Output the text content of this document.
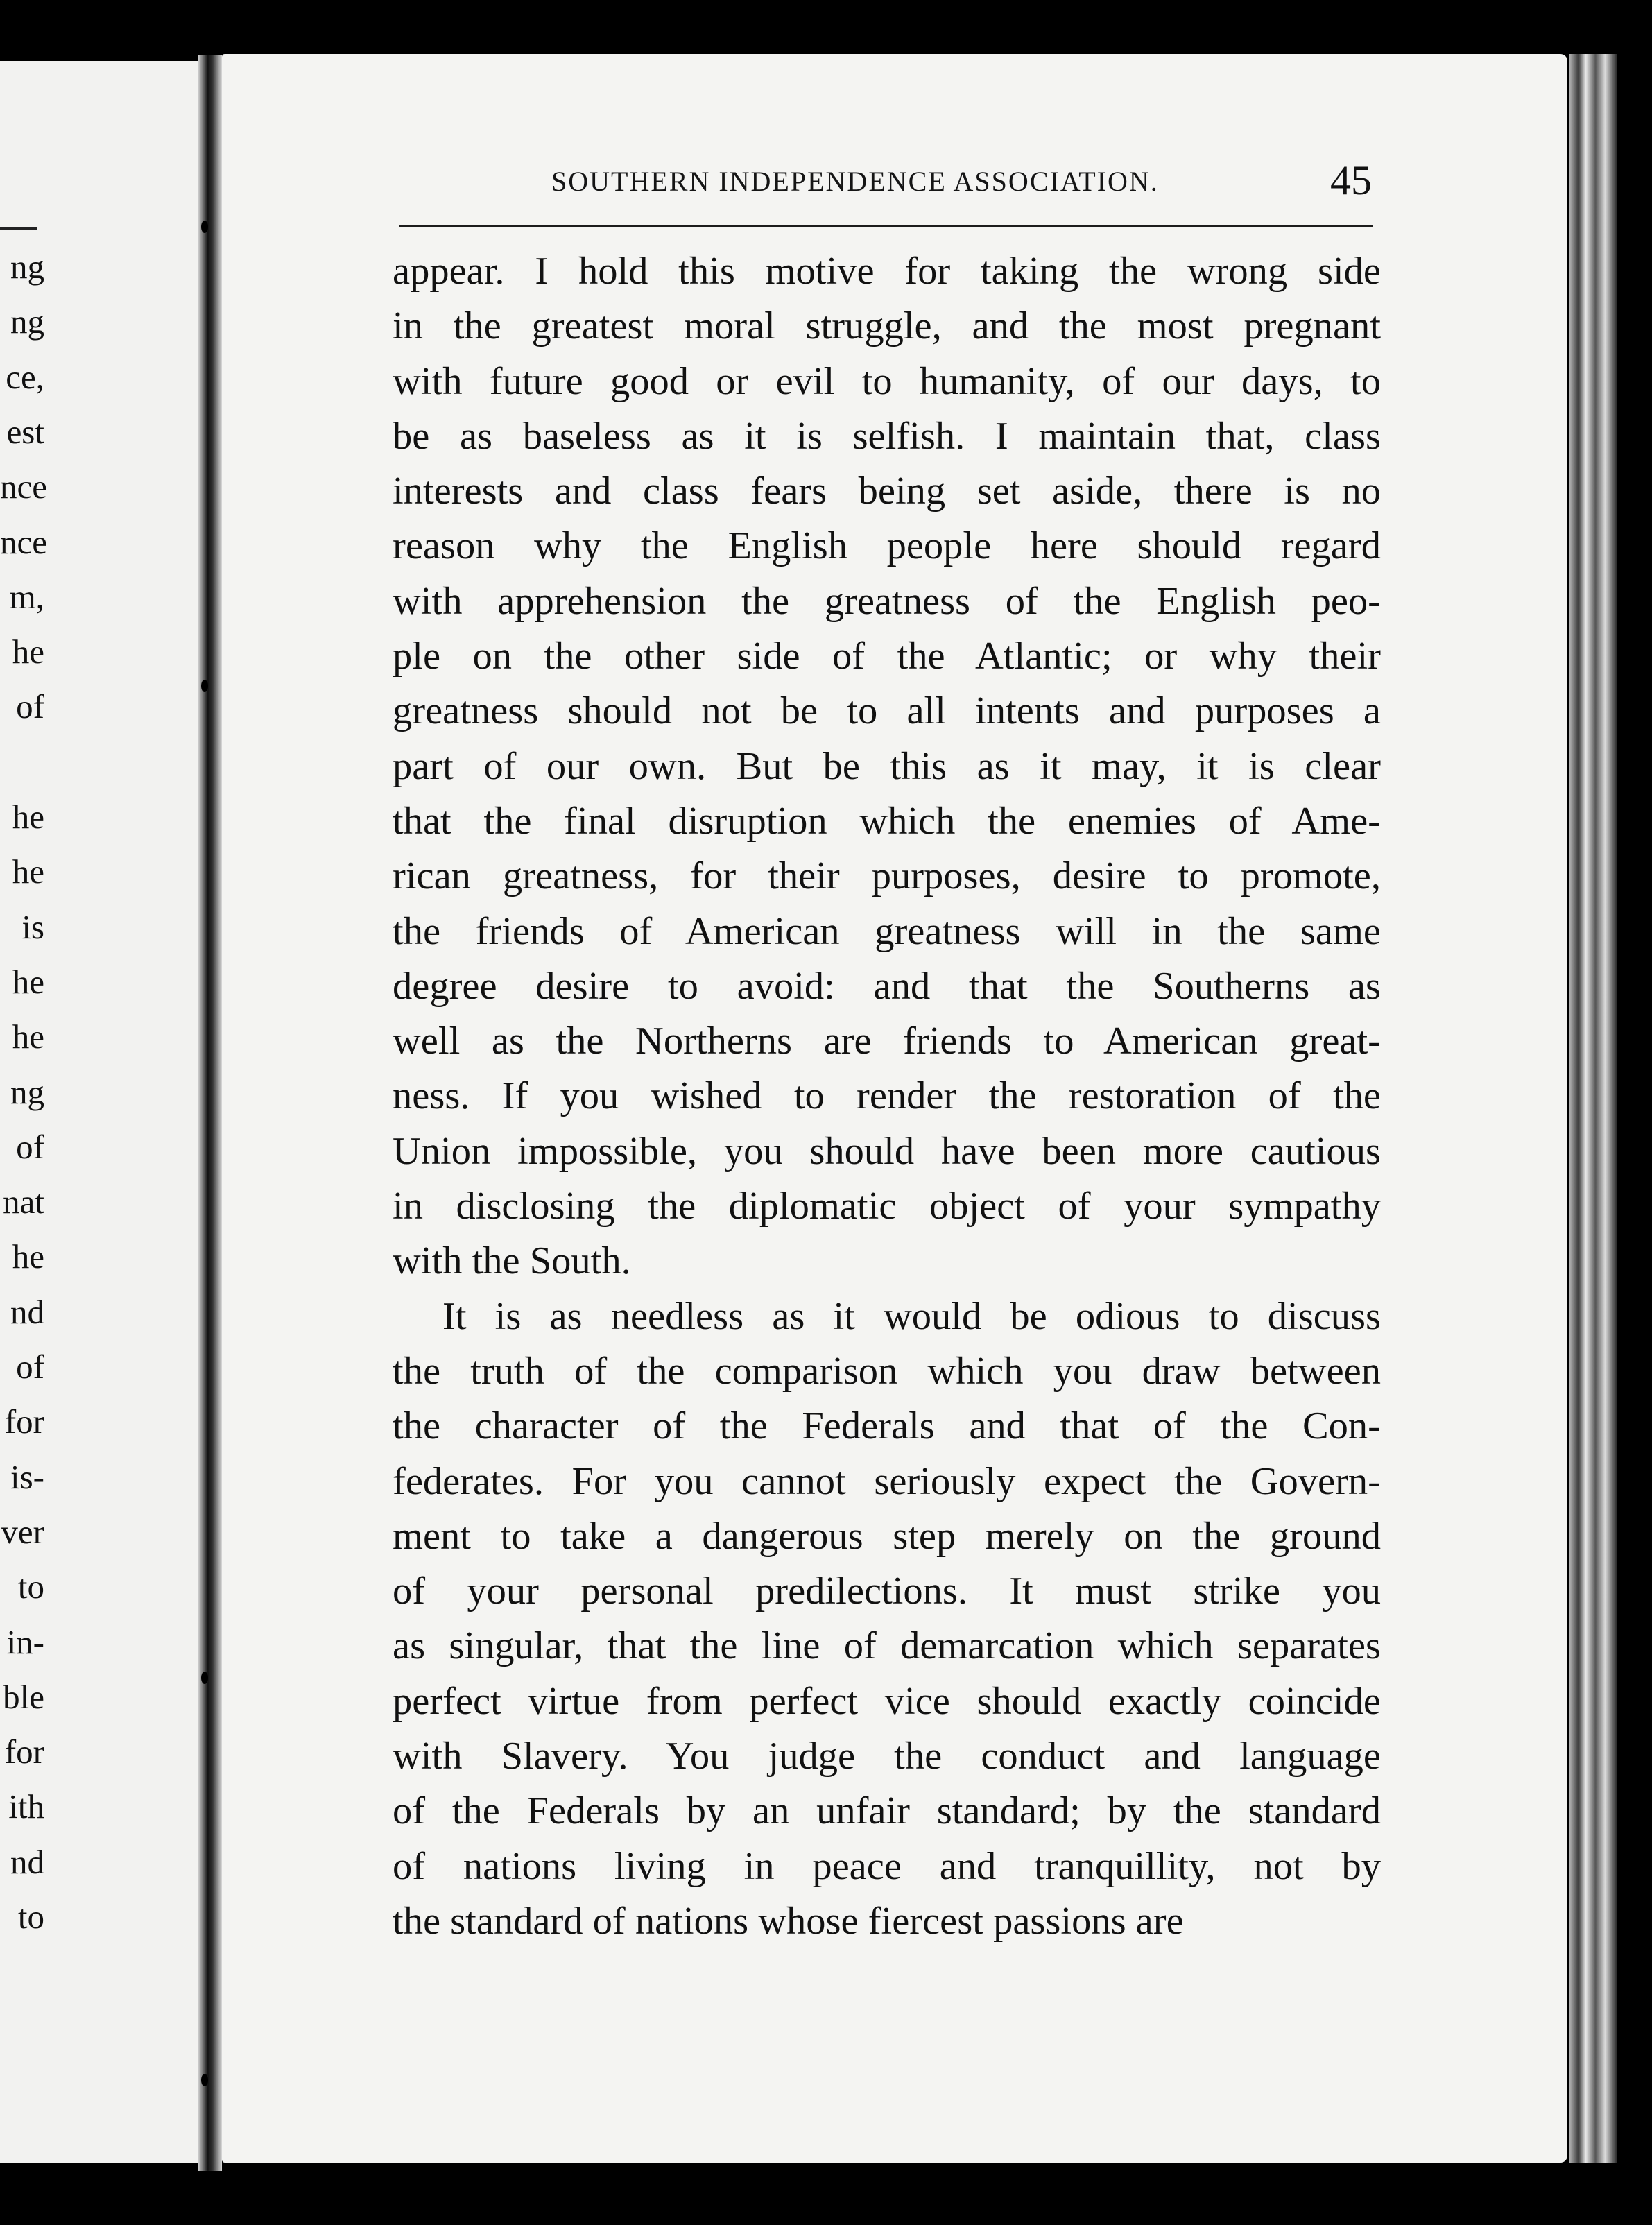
ng
ng
ce,
est
nce
nce
m,
he
of
he
he
is
he
he
ng
of
nat
he
nd
of
for
is-
ver
to
in-
ble
for
ith
nd
to
SOUTHERN INDEPENDENCE ASSOCIATION.	45
appear. I hold this motive for taking the wrong side
in the greatest moral struggle, and the most pregnant
with future good or evil to humanity, of our days, to
be as baseless as it is selfish. I maintain that, class
interests and class fears being set aside, there is no
reason why the English people here should regard
with apprehension the greatness of the English peo-
ple on the other side of the Atlantic; or why their
greatness should not be to all intents and purposes a
part of our own. But be this as it may, it is clear
that the final disruption which the enemies of Ame-
rican greatness, for their purposes, desire to promote,
the friends of American greatness will in the same
degree desire to avoid: and that the Southerns as
well as the Northerns are friends to American great-
ness. If you wished to render the restoration of the
Union impossible, you should have been more cautious
in disclosing the diplomatic object of your sympathy
with the South.
It is as needless as it would be odious to discuss
the truth of the comparison which you draw between
the character of the Federals and that of the Con-
federates. For you cannot seriously expect the Govern-
ment to take a dangerous step merely on the ground
of your personal predilections. It must strike you
as singular, that the line of demarcation which separates
perfect virtue from perfect vice should exactly coincide
with Slavery. You judge the conduct and language
of the Federals by an unfair standard; by the standard
of nations living in peace and tranquillity, not by
the standard of nations whose fiercest passions are
